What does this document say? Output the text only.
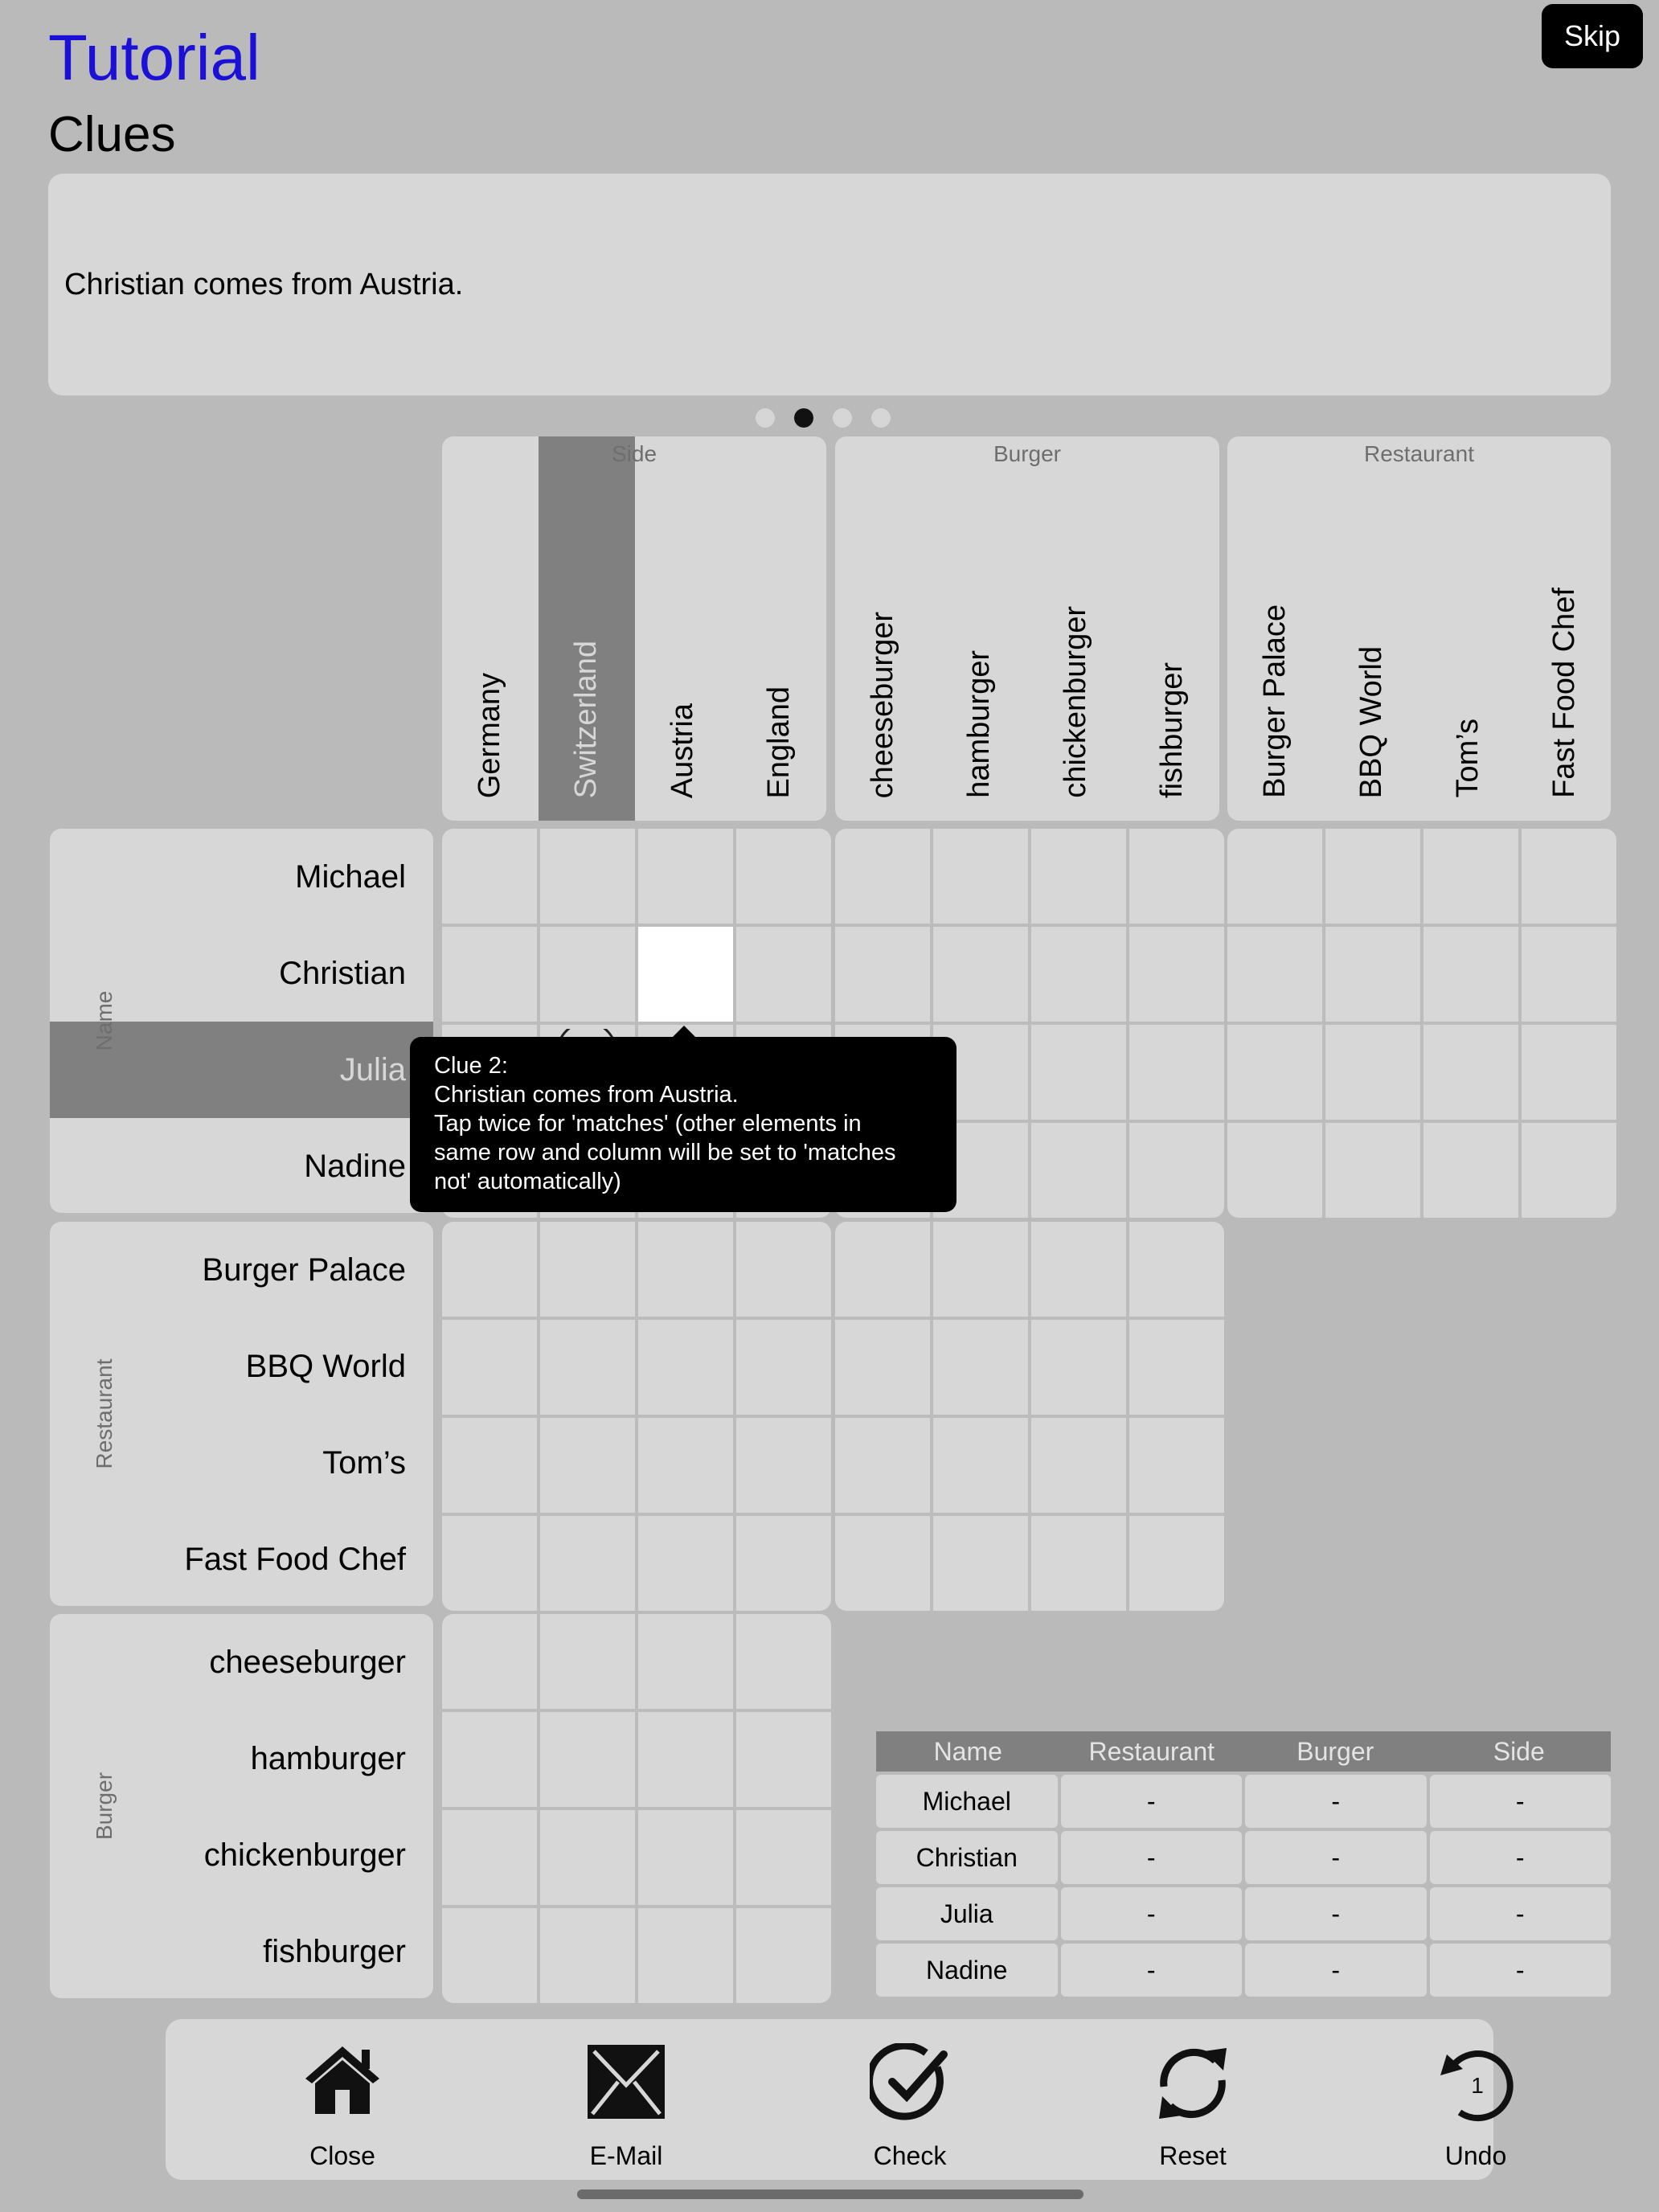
Tutorial
Clues
Skip
Christian comes from Austria.
Side
Germany Switzerland Austria England
Burger
cheeseburger hamburger chickenburger fishburger
Restaurant
Burger Palace BBQ World Tom’s Fast Food Chef
Name
Michael
Christian
Julia
Nadine
Restaurant
Burger Palace
BBQ World
Tom’s
Fast Food Chef
Burger
cheeseburger
hamburger
chickenburger
fishburger
Clue 2:
Christian comes from Austria.
Tap twice for 'matches' (other elements in
same row and column will be set to 'matches
not' automatically)
Name	Restaurant	Burger	Side
Michael	-	-	-
Christian	-	-	-
Julia	-	-	-
Nadine	-	-	-
Close	E-Mail	Check	Reset
1
Undo
